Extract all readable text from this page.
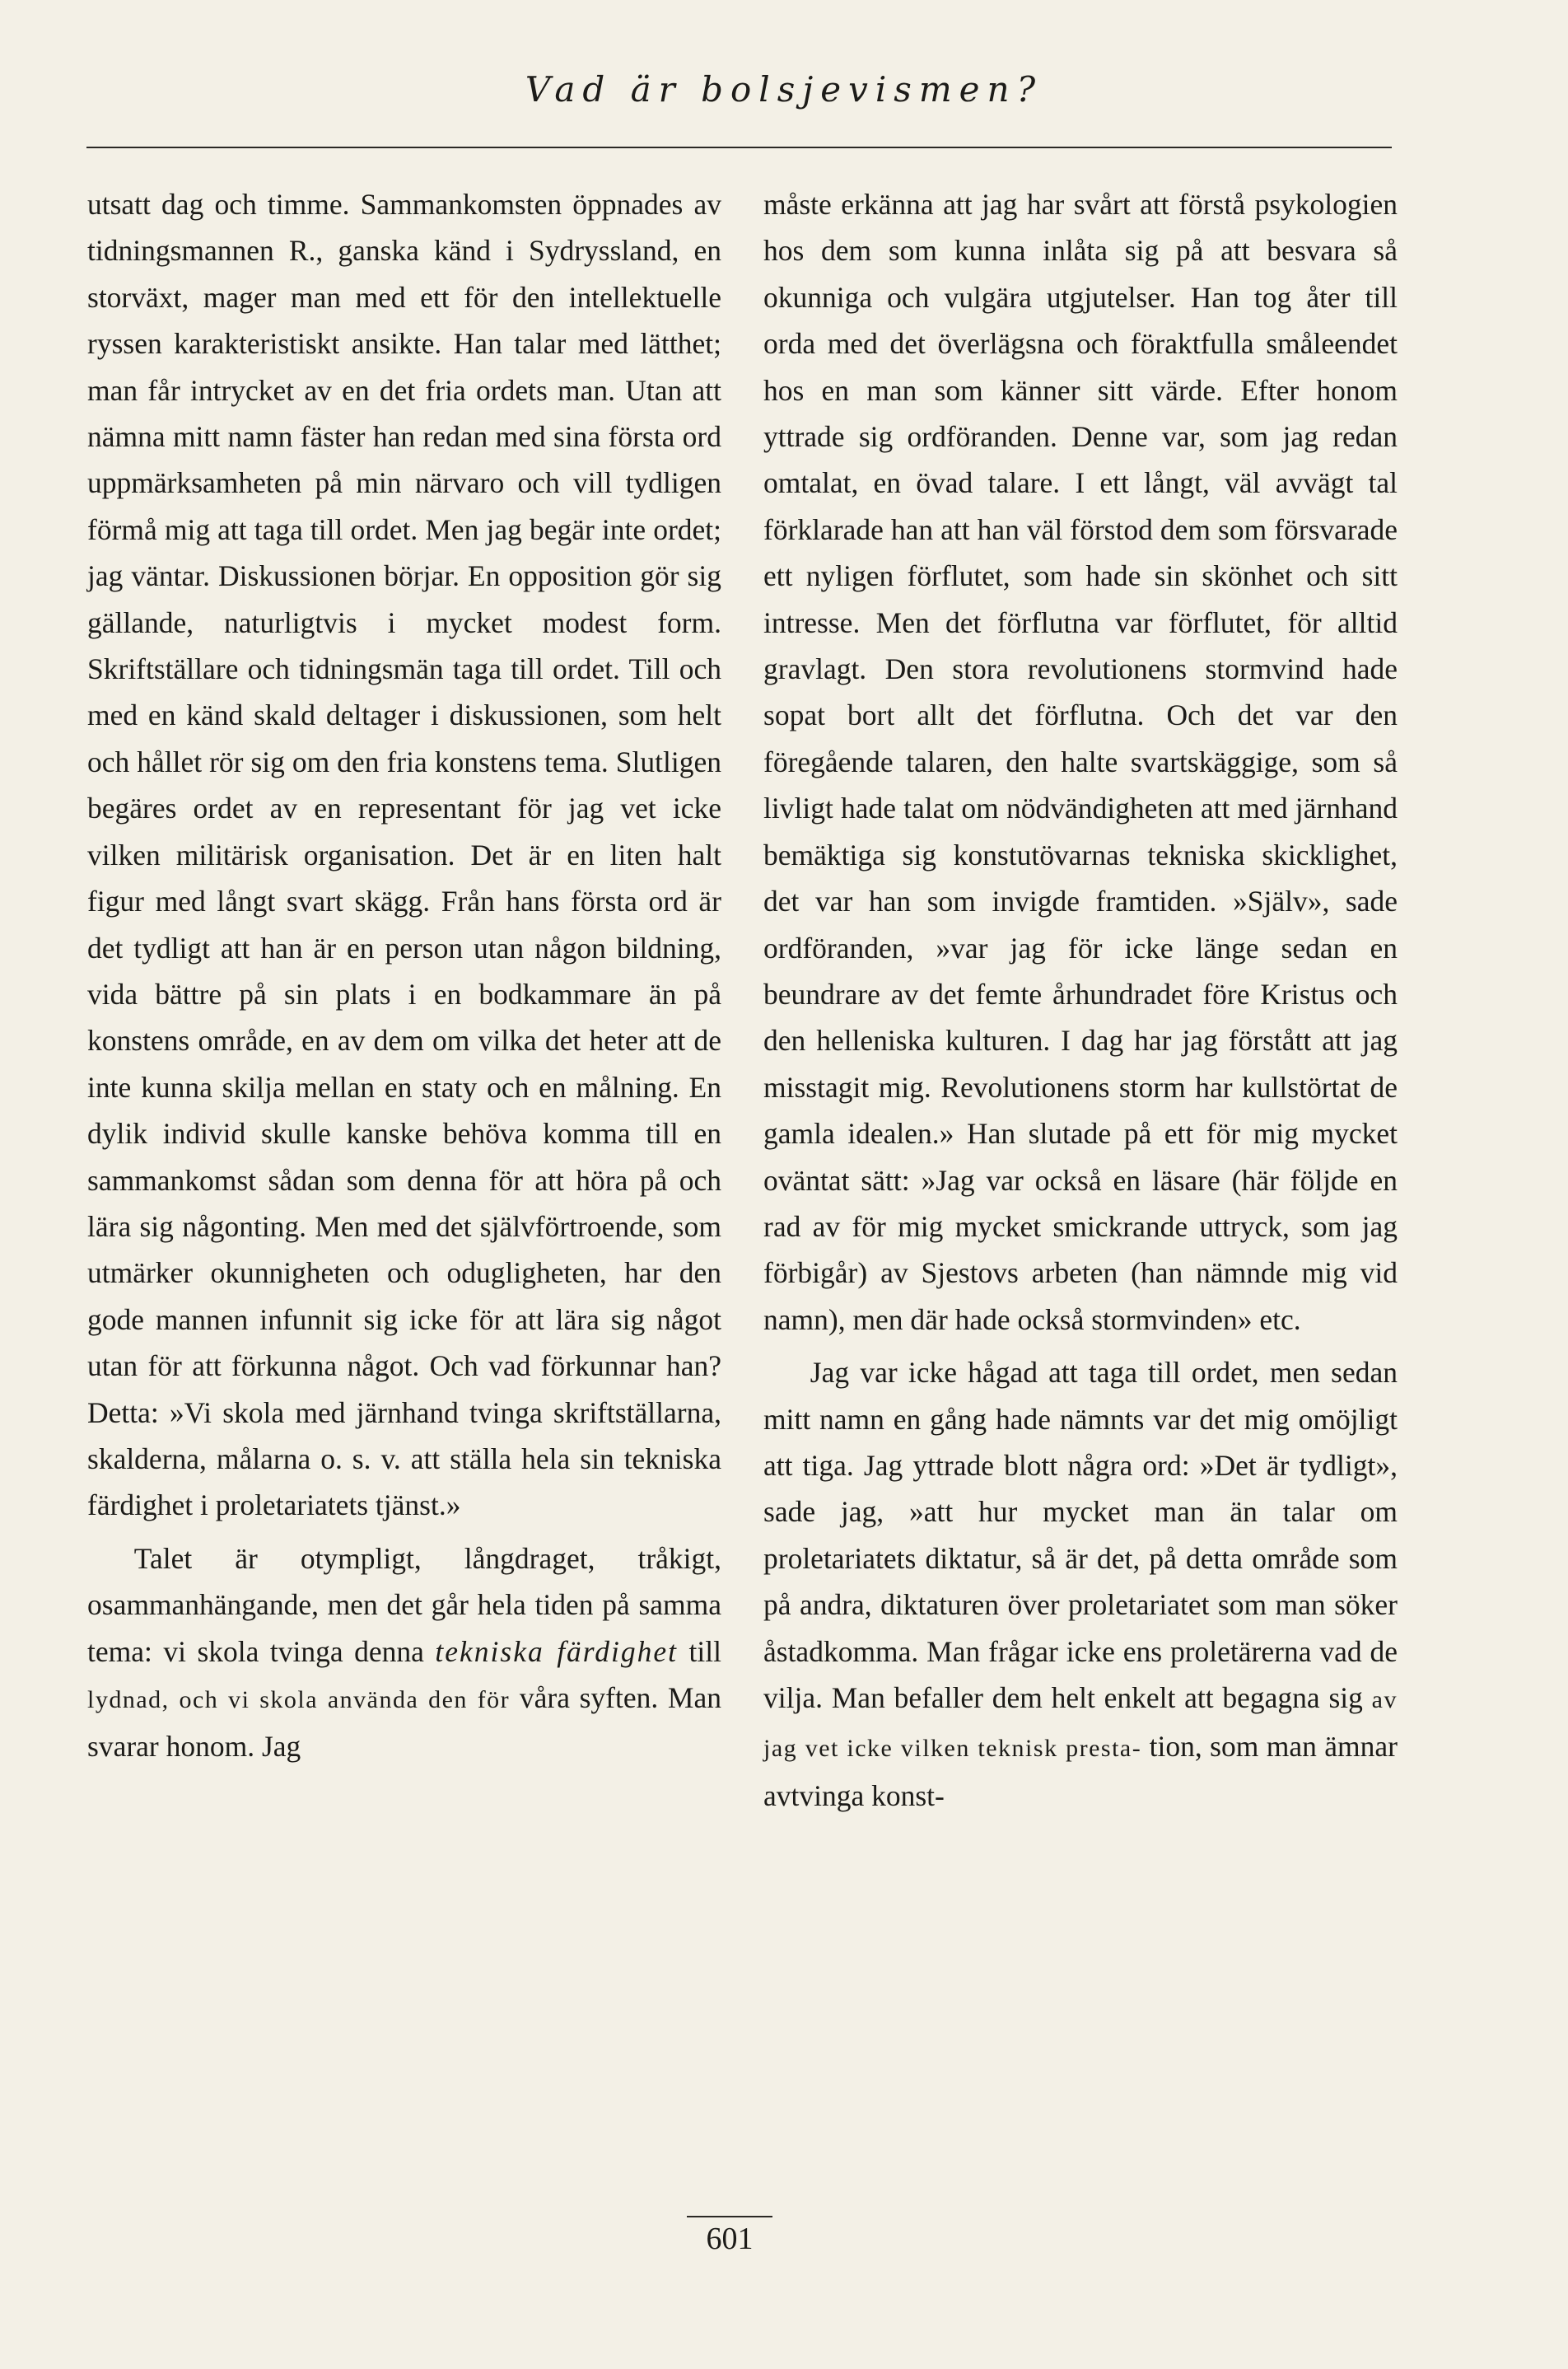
Vad är bolsjevismen?

utsatt dag och timme. Sammankomsten öppnades av tidningsmannen R., ganska känd i Sydryssland, en storväxt, mager man med ett för den intellektuelle ryssen karakteristiskt ansikte. Han talar med lätthet; man får intrycket av en det fria ordets man. Utan att nämna mitt namn fäster han redan med sina första ord uppmärksamheten på min närvaro och vill tydligen förmå mig att taga till ordet. Men jag begär inte ordet; jag väntar. Diskussionen börjar. En opposition gör sig gällande, naturligtvis i mycket modest form. Skriftställare och tidningsmän taga till ordet. Till och med en känd skald deltager i diskussionen, som helt och hållet rör sig om den fria konstens tema. Slutligen begäres ordet av en representant för jag vet icke vilken militärisk organisation. Det är en liten halt figur med långt svart skägg. Från hans första ord är det tydligt att han är en person utan någon bildning, vida bättre på sin plats i en bodkammare än på konstens område, en av dem om vilka det heter att de inte kunna skilja mellan en staty och en målning. En dylik individ skulle kanske behöva komma till en sammankomst sådan som denna för att höra på och lära sig någonting. Men med det självförtroende, som utmärker okunnigheten och odugligheten, har den gode mannen infunnit sig icke för att lära sig något utan för att förkunna något. Och vad förkunnar han? Detta: »Vi skola med järnhand tvinga skriftställarna, skalderna, målarna o. s. v. att ställa hela sin tekniska färdighet i proletariatets tjänst.»

Talet är otympligt, långdraget, tråkigt, osammanhängande, men det går hela tiden på samma tema: vi skola tvinga denna tekniska färdighet till lydnad, och vi skola använda den för våra syften. Man svarar honom. Jag

måste erkänna att jag har svårt att förstå psykologien hos dem som kunna inlåta sig på att besvara så okunniga och vulgära utgjutelser. Han tog åter till orda med det överlägsna och föraktfulla småleendet hos en man som känner sitt värde. Efter honom yttrade sig ordföranden. Denne var, som jag redan omtalat, en övad talare. I ett långt, väl avvägt tal förklarade han att han väl förstod dem som försvarade ett nyligen förflutet, som hade sin skönhet och sitt intresse. Men det förflutna var förflutet, för alltid gravlagt. Den stora revolutionens stormvind hade sopat bort allt det förflutna. Och det var den föregående talaren, den halte svartskäggige, som så livligt hade talat om nödvändigheten att med järnhand bemäktiga sig konstutövarnas tekniska skicklighet, det var han som invigde framtiden. »Själv», sade ordföranden, »var jag för icke länge sedan en beundrare av det femte århundradet före Kristus och den helleniska kulturen. I dag har jag förstått att jag misstagit mig. Revolutionens storm har kullstörtat de gamla idealen.» Han slutade på ett för mig mycket oväntat sätt: »Jag var också en läsare (här följde en rad av för mig mycket smickrande uttryck, som jag förbigår) av Sjestovs arbeten (han nämnde mig vid namn), men där hade också stormvinden» etc.

Jag var icke hågad att taga till ordet, men sedan mitt namn en gång hade nämnts var det mig omöjligt att tiga. Jag yttrade blott några ord: »Det är tydligt», sade jag, »att hur mycket man än talar om proletariatets diktatur, så är det, på detta område som på andra, diktaturen över proletariatet som man söker åstadkomma. Man frågar icke ens proletärerna vad de vilja. Man befaller dem helt enkelt att begagna sig av jag vet icke vilken teknisk presta- tion, som man ämnar avtvinga konst-

601
